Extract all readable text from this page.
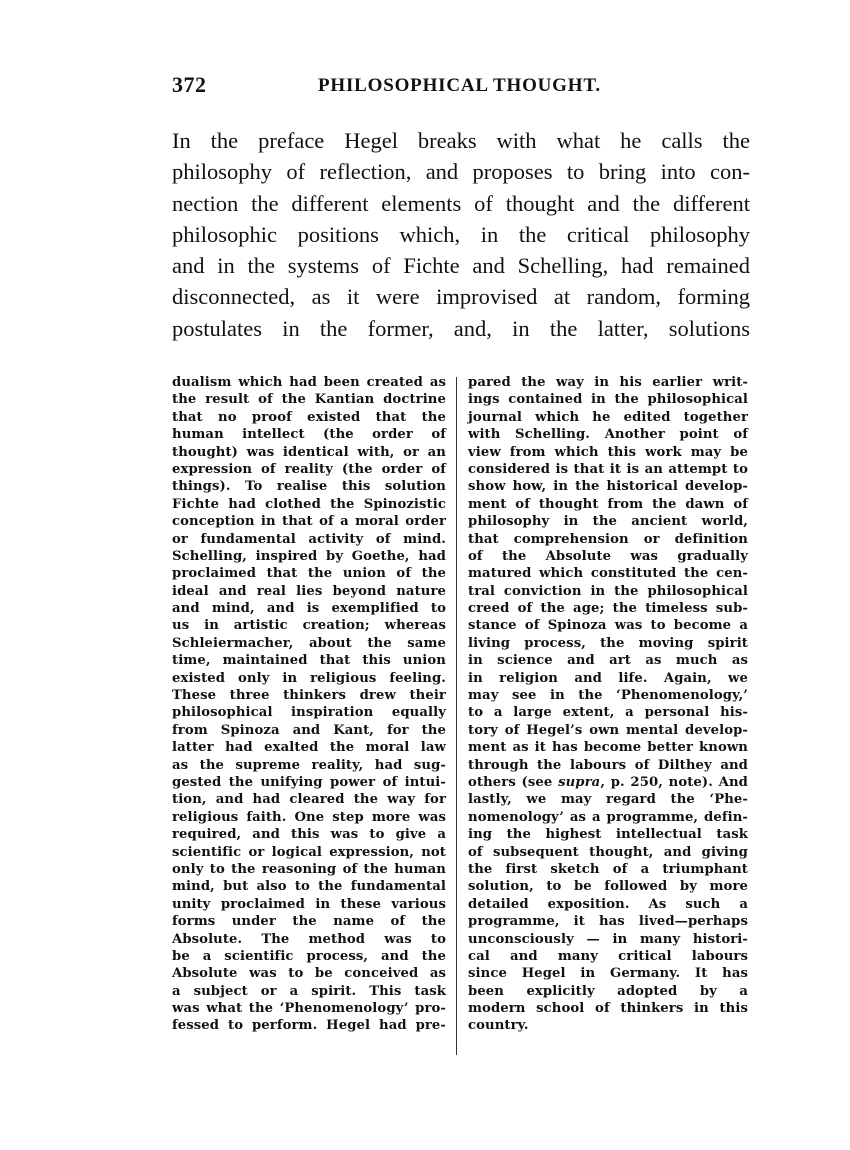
372	PHILOSOPHICAL THOUGHT.
In the preface Hegel breaks with what he calls the
philosophy of reflection, and proposes to bring into con-
nection the different elements of thought and the different
philosophic positions which, in the critical philosophy
and in the systems of Fichte and Schelling, had remained
disconnected, as it were improvised at random, forming
postulates in the former, and, in the latter, solutions
dualism which had been created as
the result of the Kantian doctrine
that no proof existed that the
human intellect (the order of
thought) was identical with, or an
expression of reality (the order of
things). To realise this solution
Fichte had clothed the Spinozistic
conception in that of a moral order
or fundamental activity of mind.
Schelling, inspired by Goethe, had
proclaimed that the union of the
ideal and real lies beyond nature
and mind, and is exemplified to
us in artistic creation; whereas
Schleiermacher, about the same
time, maintained that this union
existed only in religious feeling.
These three thinkers drew their
philosophical inspiration equally
from Spinoza and Kant, for the
latter had exalted the moral law
as the supreme reality, had sug-
gested the unifying power of intui-
tion, and had cleared the way for
religious faith. One step more was
required, and this was to give a
scientific or logical expression, not
only to the reasoning of the human
mind, but also to the fundamental
unity proclaimed in these various
forms under the name of the
Absolute. The method was to
be a scientific process, and the
Absolute was to be conceived as
a subject or a spirit. This task
was what the ‘Phenomenology’ pro-
fessed to perform. Hegel had pre-
pared the way in his earlier writ-
ings contained in the philosophical
journal which he edited together
with Schelling. Another point of
view from which this work may be
considered is that it is an attempt to
show how, in the historical develop-
ment of thought from the dawn of
philosophy in the ancient world,
that comprehension or definition
of the Absolute was gradually
matured which constituted the cen-
tral conviction in the philosophical
creed of the age; the timeless sub-
stance of Spinoza was to become a
living process, the moving spirit
in science and art as much as
in religion and life. Again, we
may see in the ‘Phenomenology,’
to a large extent, a personal his-
tory of Hegel’s own mental develop-
ment as it has become better known
through the labours of Dilthey and
others (see supra, p. 250, note). And
lastly, we may regard the ‘Phe-
nomenology’ as a programme, defin-
ing the highest intellectual task
of subsequent thought, and giving
the first sketch of a triumphant
solution, to be followed by more
detailed exposition. As such a
programme, it has lived—perhaps
unconsciously — in many histori-
cal and many critical labours
since Hegel in Germany. It has
been explicitly adopted by a
modern school of thinkers in this
country.
